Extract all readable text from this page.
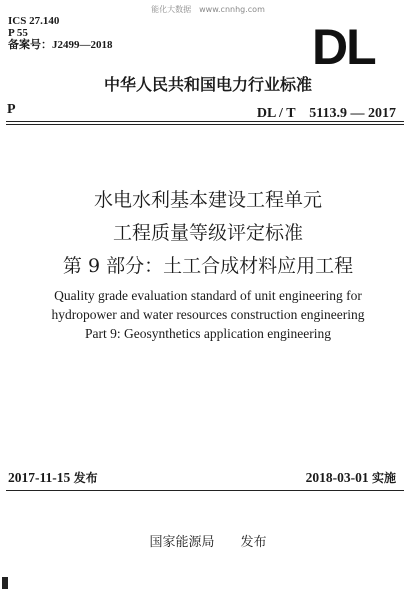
能化大数据　www.cnnhg.com
ICS 27.140
P 55
备案号：J2499—2018	DL
中华人民共和国电力行业标准
P	DL / T　5113.9 — 2017
水电水利基本建设工程单元
工程质量等级评定标准
第 9 部分：土工合成材料应用工程
Quality grade evaluation standard of unit engineering for
hydropower and water resources construction engineering
Part 9: Geosynthetics application engineering
2017-11-15 发布	2018-03-01 实施
国家能源局 发布
